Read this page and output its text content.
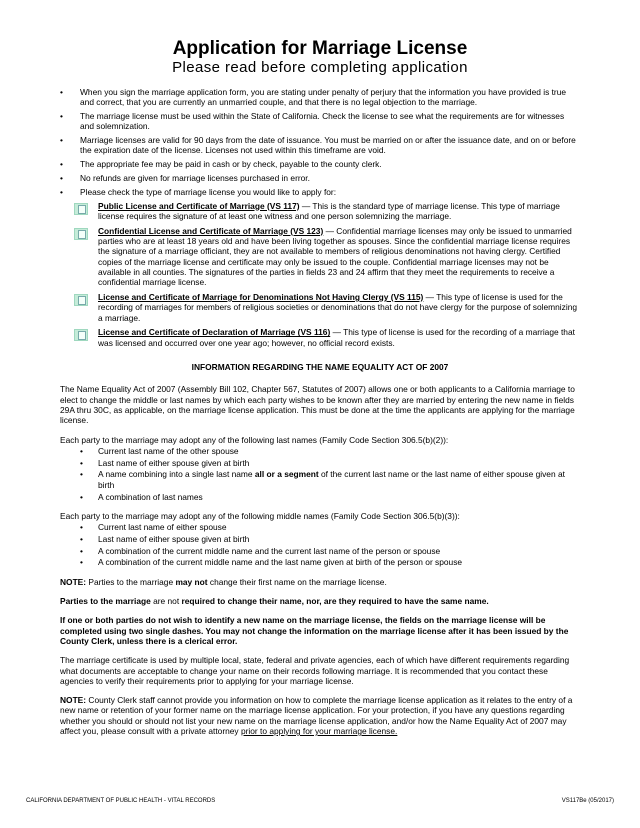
Application for Marriage License
Please read before completing application
• When you sign the marriage application form, you are stating under penalty of perjury that the information you have provided is true and correct, that you are currently an unmarried couple, and that there is no legal objection to the marriage.
• The marriage license must be used within the State of California. Check the license to see what the requirements are for witnesses and solemnization.
• Marriage licenses are valid for 90 days from the date of issuance. You must be married on or after the issuance date, and on or before the expiration date of the license. Licenses not used within this timeframe are void.
• The appropriate fee may be paid in cash or by check, payable to the county clerk.
• No refunds are given for marriage licenses purchased in error.
• Please check the type of marriage license you would like to apply for:
Public License and Certificate of Marriage (VS 117) — This is the standard type of marriage license. This type of marriage license requires the signature of at least one witness and one person solemnizing the marriage.
Confidential License and Certificate of Marriage (VS 123) — Confidential marriage licenses may only be issued to unmarried parties who are at least 18 years old and have been living together as spouses. Since the confidential marriage license requires the signature of a marriage officiant, they are not available to members of religious denominations not having clergy. Certified copies of the marriage license and certificate may only be issued to the couple. Confidential marriage licenses may not be available in all counties. The signatures of the parties in fields 23 and 24 affirm that they meet the requirements to receive a confidential marriage license.
License and Certificate of Marriage for Denominations Not Having Clergy (VS 115) — This type of license is used for the recording of marriages for members of religious societies or denominations that do not have clergy for the purpose of solemnizing a marriage.
License and Certificate of Declaration of Marriage (VS 116) — This type of license is used for the recording of a marriage that was licensed and occurred over one year ago; however, no official record exists.
INFORMATION REGARDING THE NAME EQUALITY ACT OF 2007

The Name Equality Act of 2007 (Assembly Bill 102, Chapter 567, Statutes of 2007) allows one or both applicants to a California marriage to elect to change the middle or last names by which each party wishes to be known after they are married by entering the new name in fields 29A thru 30C, as applicable, on the marriage license application. This must be done at the time the applicants are applying for the marriage license.

Each party to the marriage may adopt any of the following last names (Family Code Section 306.5(b)(2)):
• Current last name of the other spouse
• Last name of either spouse given at birth
• A name combining into a single last name all or a segment of the current last name or the last name of either spouse given at birth
• A combination of last names
Each party to the marriage may adopt any of the following middle names (Family Code Section 306.5(b)(3)):
• Current last name of either spouse
• Last name of either spouse given at birth
• A combination of the current middle name and the current last name of the person or spouse
• A combination of the current middle name and the last name given at birth of the person or spouse

NOTE: Parties to the marriage may not change their first name on the marriage license.

Parties to the marriage are not required to change their name, nor, are they required to have the same name.

If one or both parties do not wish to identify a new name on the marriage license, the fields on the marriage license will be completed using two single dashes. You may not change the information on the marriage license after it has been issued by the County Clerk, unless there is a clerical error.

The marriage certificate is used by multiple local, state, federal and private agencies, each of which have different requirements regarding what documents are acceptable to change your name on their records following marriage. It is recommended that you contact these agencies to verify their requirements prior to applying for your marriage license.

NOTE: County Clerk staff cannot provide you information on how to complete the marriage license application as it relates to the entry of a new name or retention of your former name on the marriage license application. For your protection, if you have any questions regarding whether you should or should not list your new name on the marriage license application, and/or how the Name Equality Act of 2007 may affect you, please consult with a private attorney prior to applying for your marriage license.

CALIFORNIA DEPARTMENT OF PUBLIC HEALTH - VITAL RECORDS	VS117Be (05/2017)
